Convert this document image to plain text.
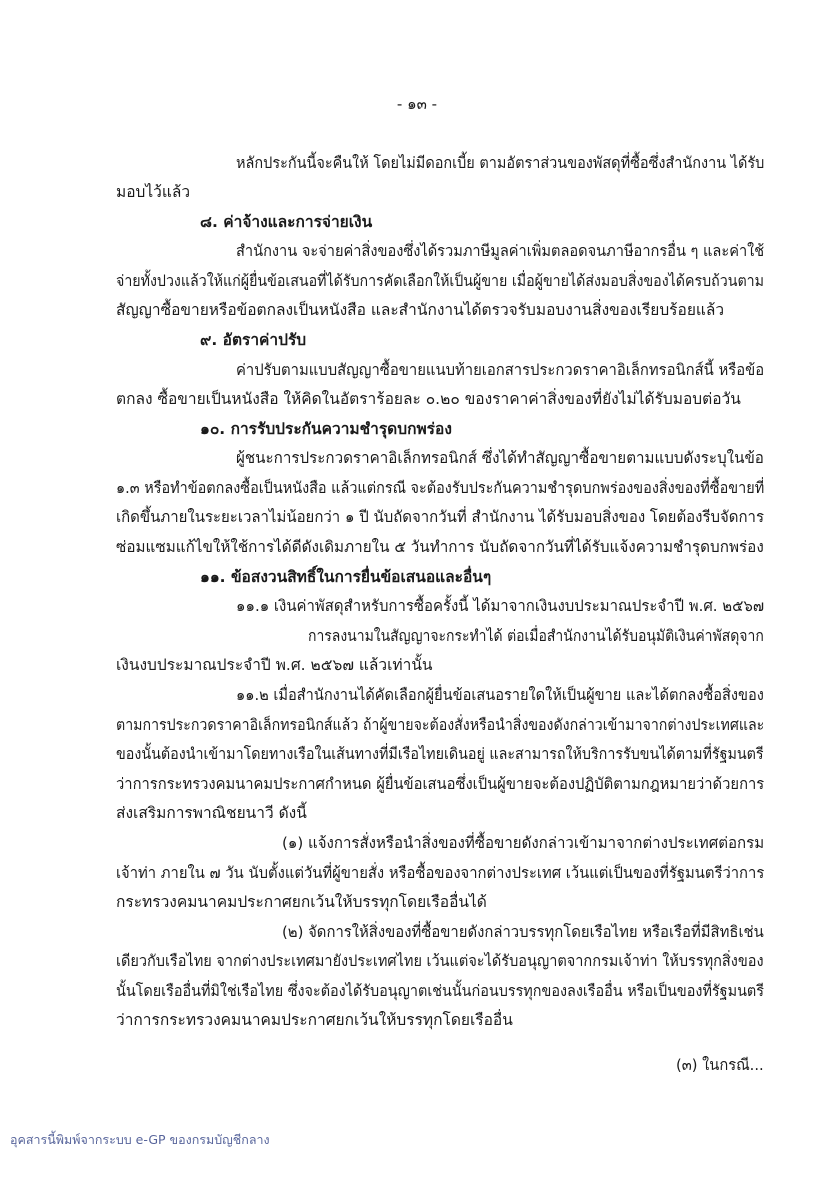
- ๑๓ -
หลักประกันนี้จะคืนให้ โดยไม่มีดอกเบี้ย ตามอัตราส่วนของพัสดุที่ซื้อซึ่งสำนักงาน ได้รับ
มอบไว้แล้ว
๘. ค่าจ้างและการจ่ายเงิน
สำนักงาน จะจ่ายค่าสิ่งของซึ่งได้รวมภาษีมูลค่าเพิ่มตลอดจนภาษีอากรอื่น ๆ และค่าใช้
จ่ายทั้งปวงแล้วให้แก่ผู้ยื่นข้อเสนอที่ได้รับการคัดเลือกให้เป็นผู้ขาย เมื่อผู้ขายได้ส่งมอบสิ่งของได้ครบถ้วนตาม
สัญญาซื้อขายหรือข้อตกลงเป็นหนังสือ และสำนักงานได้ตรวจรับมอบงานสิ่งของเรียบร้อยแล้ว
๙. อัตราค่าปรับ
ค่าปรับตามแบบสัญญาซื้อขายแนบท้ายเอกสารประกวดราคาอิเล็กทรอนิกส์นี้ หรือข้อ
ตกลง ซื้อขายเป็นหนังสือ ให้คิดในอัตราร้อยละ ๐.๒๐ ของราคาค่าสิ่งของที่ยังไม่ได้รับมอบต่อวัน
๑๐. การรับประกันความชำรุดบกพร่อง
ผู้ชนะการประกวดราคาอิเล็กทรอนิกส์ ซึ่งได้ทำสัญญาซื้อขายตามแบบดังระบุในข้อ
๑.๓ หรือทำข้อตกลงซื้อเป็นหนังสือ แล้วแต่กรณี จะต้องรับประกันความชำรุดบกพร่องของสิ่งของที่ซื้อขายที่
เกิดขึ้นภายในระยะเวลาไม่น้อยกว่า ๑ ปี นับถัดจากวันที่ สำนักงาน ได้รับมอบสิ่งของ โดยต้องรีบจัดการ
ซ่อมแซมแก้ไขให้ใช้การได้ดีดังเดิมภายใน ๕ วันทำการ นับถัดจากวันที่ได้รับแจ้งความชำรุดบกพร่อง
๑๑. ข้อสงวนสิทธิ์ในการยื่นข้อเสนอและอื่นๆ
๑๑.๑ เงินค่าพัสดุสำหรับการซื้อครั้งนี้ ได้มาจากเงินงบประมาณประจำปี พ.ศ. ๒๕๖๗
การลงนามในสัญญาจะกระทำได้ ต่อเมื่อสำนักงานได้รับอนุมัติเงินค่าพัสดุจาก
เงินงบประมาณประจำปี พ.ศ. ๒๕๖๗ แล้วเท่านั้น
๑๑.๒ เมื่อสำนักงานได้คัดเลือกผู้ยื่นข้อเสนอรายใดให้เป็นผู้ขาย และได้ตกลงซื้อสิ่งของ
ตามการประกวดราคาอิเล็กทรอนิกส์แล้ว ถ้าผู้ขายจะต้องสั่งหรือนำสิ่งของดังกล่าวเข้ามาจากต่างประเทศและ
ของนั้นต้องนำเข้ามาโดยทางเรือในเส้นทางที่มีเรือไทยเดินอยู่ และสามารถให้บริการรับขนได้ตามที่รัฐมนตรี
ว่าการกระทรวงคมนาคมประกาศกำหนด ผู้ยื่นข้อเสนอซึ่งเป็นผู้ขายจะต้องปฏิบัติตามกฎหมายว่าด้วยการ
ส่งเสริมการพาณิชยนาวี ดังนี้
(๑) แจ้งการสั่งหรือนำสิ่งของที่ซื้อขายดังกล่าวเข้ามาจากต่างประเทศต่อกรม
เจ้าท่า ภายใน ๗ วัน นับตั้งแต่วันที่ผู้ขายสั่ง หรือซื้อของจากต่างประเทศ เว้นแต่เป็นของที่รัฐมนตรีว่าการ
กระทรวงคมนาคมประกาศยกเว้นให้บรรทุกโดยเรืออื่นได้
(๒) จัดการให้สิ่งของที่ซื้อขายดังกล่าวบรรทุกโดยเรือไทย หรือเรือที่มีสิทธิเช่น
เดียวกับเรือไทย จากต่างประเทศมายังประเทศไทย เว้นแต่จะได้รับอนุญาตจากกรมเจ้าท่า ให้บรรทุกสิ่งของ
นั้นโดยเรืออื่นที่มิใช่เรือไทย ซึ่งจะต้องได้รับอนุญาตเช่นนั้นก่อนบรรทุกของลงเรืออื่น หรือเป็นของที่รัฐมนตรี
ว่าการกระทรวงคมนาคมประกาศยกเว้นให้บรรทุกโดยเรืออื่น
(๓) ในกรณี...
อุคสารนี้พิมพ์จากระบบ e-GP ของกรมบัญชีกลาง
